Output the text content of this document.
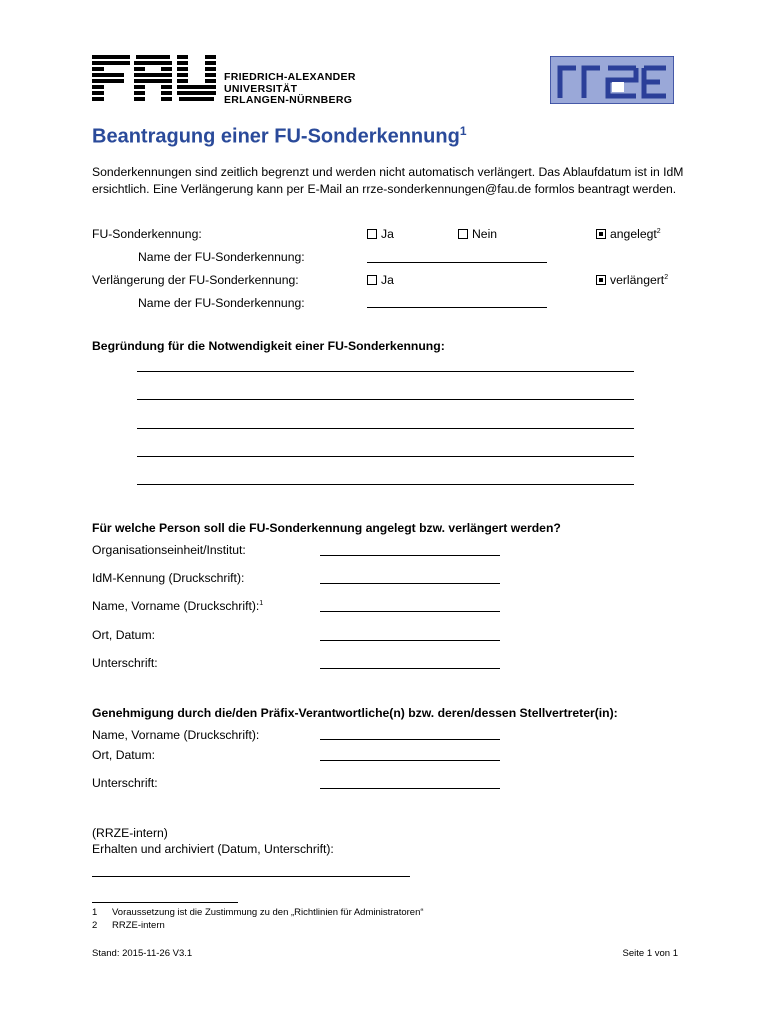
FRIEDRICH-ALEXANDER
UNIVERSITÄT
ERLANGEN-NÜRNBERG
Beantragung einer FU-Sonderkennung$^1$
Sonderkennungen sind zeitlich begrenzt und werden nicht automatisch verlängert. Das Ablaufdatum ist in IdM ersichtlich. Eine Verlängerung kann per E-Mail an rrze-sonderkennungen@fau.de formlos beantragt werden.
FU-Sonderkennung:	Ja	Nein	angelegt$^2$
Name der FU-Sonderkennung:
Verlängerung der FU-Sonderkennung:	Ja	verlängert$^2$
Name der FU-Sonderkennung:
Begründung für die Notwendigkeit einer FU-Sonderkennung:
Für welche Person soll die FU-Sonderkennung angelegt bzw. verlängert werden?
Organisationseinheit/Institut:
IdM-Kennung (Druckschrift):
Name, Vorname (Druckschrift):$^1$
Ort, Datum:
Unterschrift:
Genehmigung durch die/den Präfix-Verantwortliche(n) bzw. deren/dessen Stellvertreter(in):
Name, Vorname (Druckschrift):
Ort, Datum:
Unterschrift:
(RRZE-intern)
Erhalten und archiviert (Datum, Unterschrift):
1 Voraussetzung ist die Zustimmung zu den „Richtlinien für Administratoren“
2 RRZE-intern
Stand: 2015-11-26 V3.1	Seite 1 von 1
